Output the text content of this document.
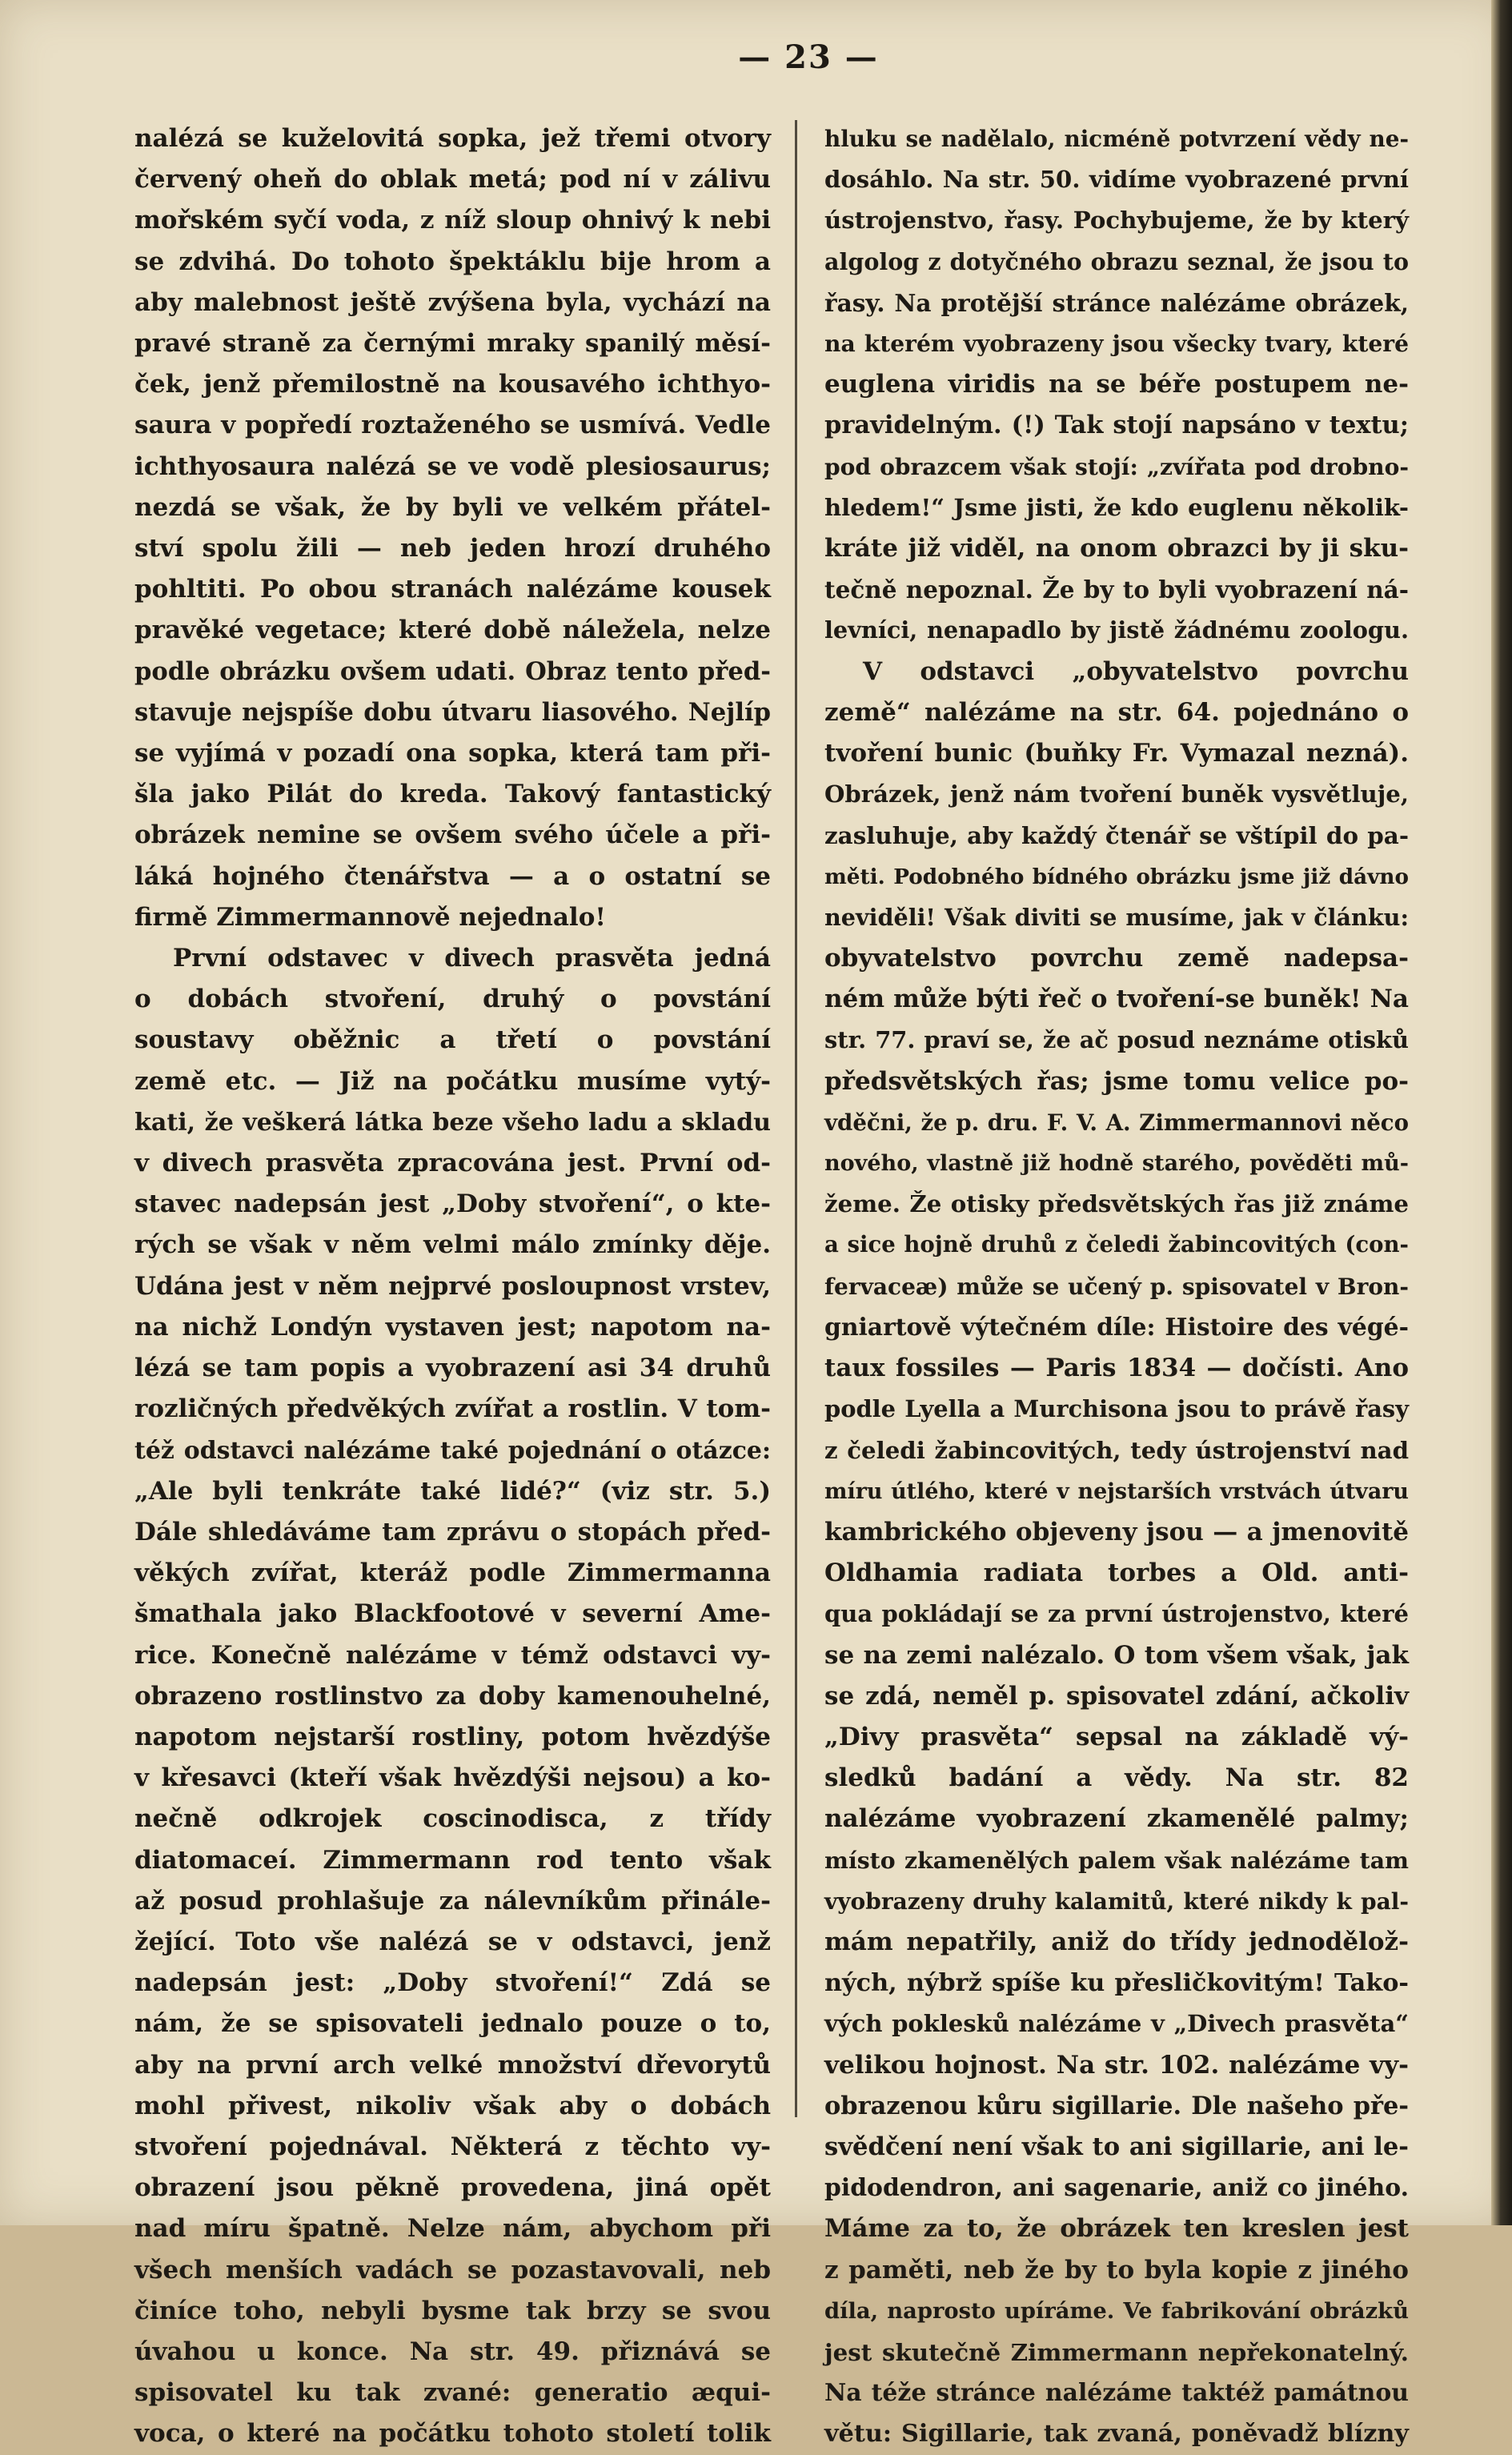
— 23 —
nalézá se kuželovitá sopka, jež třemi otvory
červený oheň do oblak metá; pod ní v zálivu
mořském syčí voda, z níž sloup ohnivý k nebi
se zdvihá. Do tohoto špektáklu bije hrom a
aby malebnost ještě zvýšena byla, vychází na
pravé straně za černými mraky spanilý měsí-
ček, jenž přemilostně na kousavého ichthyo-
saura v popředí roztaženého se usmívá. Vedle
ichthyosaura nalézá se ve vodě plesiosaurus;
nezdá se však, že by byli ve velkém přátel-
ství spolu žili — neb jeden hrozí druhého
pohltiti. Po obou stranách nalézáme kousek
pravěké vegetace; které době náležela, nelze
podle obrázku ovšem udati. Obraz tento před-
stavuje nejspíše dobu útvaru liasového. Nejlíp
se vyjímá v pozadí ona sopka, která tam při-
šla jako Pilát do kreda. Takový fantastický
obrázek nemine se ovšem svého účele a při-
láká hojného čtenářstva — a o ostatní se
firmě Zimmermannově nejednalo!
První odstavec v divech prasvěta jedná
o dobách stvoření, druhý o povstání
soustavy oběžnic a třetí o povstání
země etc. — Již na počátku musíme vytý-
kati, že veškerá látka beze všeho ladu a skladu
v divech prasvěta zpracována jest. První od-
stavec nadepsán jest „Doby stvoření“, o kte-
rých se však v něm velmi málo zmínky děje.
Udána jest v něm nejprvé posloupnost vrstev,
na nichž Londýn vystaven jest; napotom na-
lézá se tam popis a vyobrazení asi 34 druhů
rozličných předvěkých zvířat a rostlin. V tom-
též odstavci nalézáme také pojednání o otázce:
„Ale byli tenkráte také lidé?“ (viz str. 5.)
Dále shledáváme tam zprávu o stopách před-
věkých zvířat, kteráž podle Zimmermanna
šmathala jako Blackfootové v severní Ame-
rice. Konečně nalézáme v témž odstavci vy-
obrazeno rostlinstvo za doby kamenouhelné,
napotom nejstarší rostliny, potom hvězdýše
v křesavci (kteří však hvězdýši nejsou) a ko-
nečně odkrojek coscinodisca, z třídy
diatomaceí. Zimmermann rod tento však
až posud prohlašuje za nálevníkům přinále-
žející. Toto vše nalézá se v odstavci, jenž
nadepsán jest: „Doby stvoření!“ Zdá se
nám, že se spisovateli jednalo pouze o to,
aby na první arch velké množství dřevorytů
mohl přivest, nikoliv však aby o dobách
stvoření pojednával. Některá z těchto vy-
obrazení jsou pěkně provedena, jiná opět
nad míru špatně. Nelze nám, abychom při
všech menších vadách se pozastavovali, neb
činíce toho, nebyli bysme tak brzy se svou
úvahou u konce. Na str. 49. přiznává se
spisovatel ku tak zvané: generatio æqui-
voca, o které na počátku tohoto století tolik
hluku se nadělalo, nicméně potvrzení vědy ne-
dosáhlo. Na str. 50. vidíme vyobrazené první
ústrojenstvo, řasy. Pochybujeme, že by který
algolog z dotyčného obrazu seznal, že jsou to
řasy. Na protější stránce nalézáme obrázek,
na kterém vyobrazeny jsou všecky tvary, které
euglena viridis na se béře postupem ne-
pravidelným. (!) Tak stojí napsáno v textu;
pod obrazcem však stojí: „zvířata pod drobno-
hledem!“ Jsme jisti, že kdo euglenu několik-
kráte již viděl, na onom obrazci by ji sku-
tečně nepoznal. Že by to byli vyobrazení ná-
levníci, nenapadlo by jistě žádnému zoologu.
V odstavci „obyvatelstvo povrchu
země“ nalézáme na str. 64. pojednáno o
tvoření bunic (buňky Fr. Vymazal nezná).
Obrázek, jenž nám tvoření buněk vysvětluje,
zasluhuje, aby každý čtenář se vštípil do pa-
měti. Podobného bídného obrázku jsme již dávno
neviděli! Však diviti se musíme, jak v článku:
obyvatelstvo povrchu země nadepsa-
ném může býti řeč o tvoření-se buněk! Na
str. 77. praví se, že ač posud neznáme otisků
předsvětských řas; jsme tomu velice po-
vděčni, že p. dru. F. V. A. Zimmermannovi něco
nového, vlastně již hodně starého, pověděti mů-
žeme. Že otisky předsvětských řas již známe
a sice hojně druhů z čeledi žabincovitých (con-
fervaceæ) může se učený p. spisovatel v Bron-
gniartově výtečném díle: Histoire des végé-
taux fossiles — Paris 1834 — dočísti. Ano
podle Lyella a Murchisona jsou to právě řasy
z čeledi žabincovitých, tedy ústrojenství nad
míru útlého, které v nejstarších vrstvách útvaru
kambrického objeveny jsou — a jmenovitě
Oldhamia radiata torbes a Old. anti-
qua pokládají se za první ústrojenstvo, které
se na zemi nalézalo. O tom všem však, jak
se zdá, neměl p. spisovatel zdání, ačkoliv
„Divy prasvěta“ sepsal na základě vý-
sledků badání a vědy. Na str. 82
nalézáme vyobrazení zkamenělé palmy;
místo zkamenělých palem však nalézáme tam
vyobrazeny druhy kalamitů, které nikdy k pal-
mám nepatřily, aniž do třídy jednodělož-
ných, nýbrž spíše ku přesličkovitým! Tako-
vých poklesků nalézáme v „Divech prasvěta“
velikou hojnost. Na str. 102. nalézáme vy-
obrazenou kůru sigillarie. Dle našeho pře-
svědčení není však to ani sigillarie, ani le-
pidodendron, ani sagenarie, aniž co jiného.
Máme za to, že obrázek ten kreslen jest
z paměti, neb že by to byla kopie z jiného
díla, naprosto upíráme. Ve fabrikování obrázků
jest skutečně Zimmermann nepřekonatelný.
Na téže stránce nalézáme taktéž památnou
větu: Sigillarie, tak zvaná, poněvadž blízny
